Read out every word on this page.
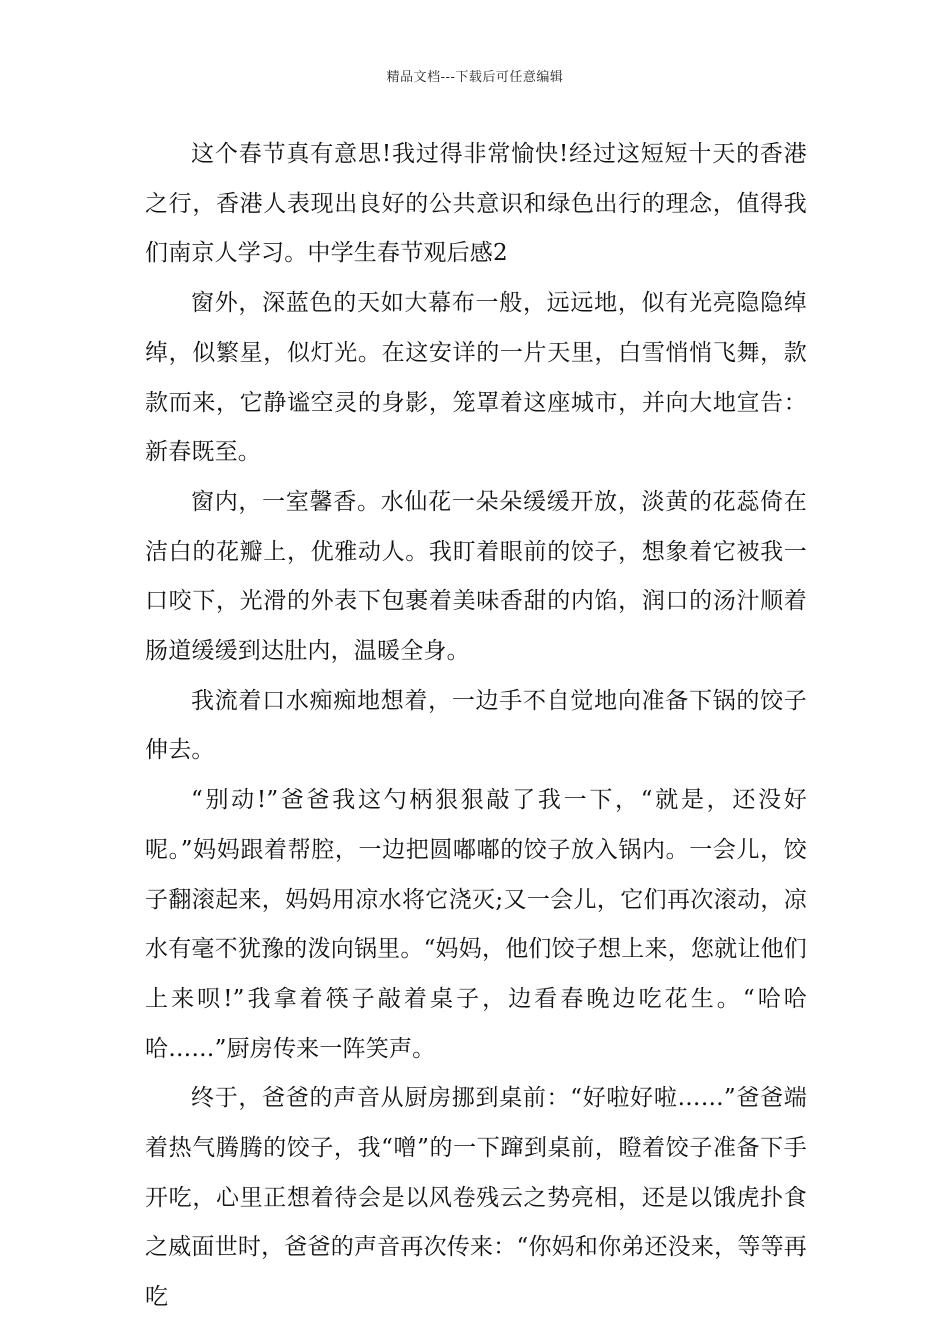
精品文档---下载后可任意编辑

这个春节真有意思!我过得非常愉快!经过这短短十天的香港之行，香港人表现出良好的公共意识和绿色出行的理念，值得我们南京人学习。中学生春节观后感2

窗外，深蓝色的天如大幕布一般，远远地，似有光亮隐隐绰绰，似繁星，似灯光。在这安详的一片天里，白雪悄悄飞舞，款款而来，它静谧空灵的身影，笼罩着这座城市，并向大地宣告：新春既至。

窗内，一室馨香。水仙花一朵朵缓缓开放，淡黄的花蕊倚在洁白的花瓣上，优雅动人。我盯着眼前的饺子，想象着它被我一口咬下，光滑的外表下包裹着美味香甜的内馅，润口的汤汁顺着肠道缓缓到达肚内，温暖全身。

我流着口水痴痴地想着，一边手不自觉地向准备下锅的饺子伸去。

“别动!”爸爸我这勺柄狠狠敲了我一下，“就是，还没好呢。”妈妈跟着帮腔，一边把圆嘟嘟的饺子放入锅内。一会儿，饺子翻滚起来，妈妈用凉水将它浇灭;又一会儿，它们再次滚动，凉水有毫不犹豫的泼向锅里。“妈妈，他们饺子想上来，您就让他们上来呗!”我拿着筷子敲着桌子，边看春晚边吃花生。“哈哈哈……”厨房传来一阵笑声。

终于，爸爸的声音从厨房挪到桌前：“好啦好啦……”爸爸端着热气腾腾的饺子，我“噌”的一下蹿到桌前，瞪着饺子准备下手开吃，心里正想着待会是以风卷残云之势亮相，还是以饿虎扑食之威面世时，爸爸的声音再次传来：“你妈和你弟还没来，等等再吃
